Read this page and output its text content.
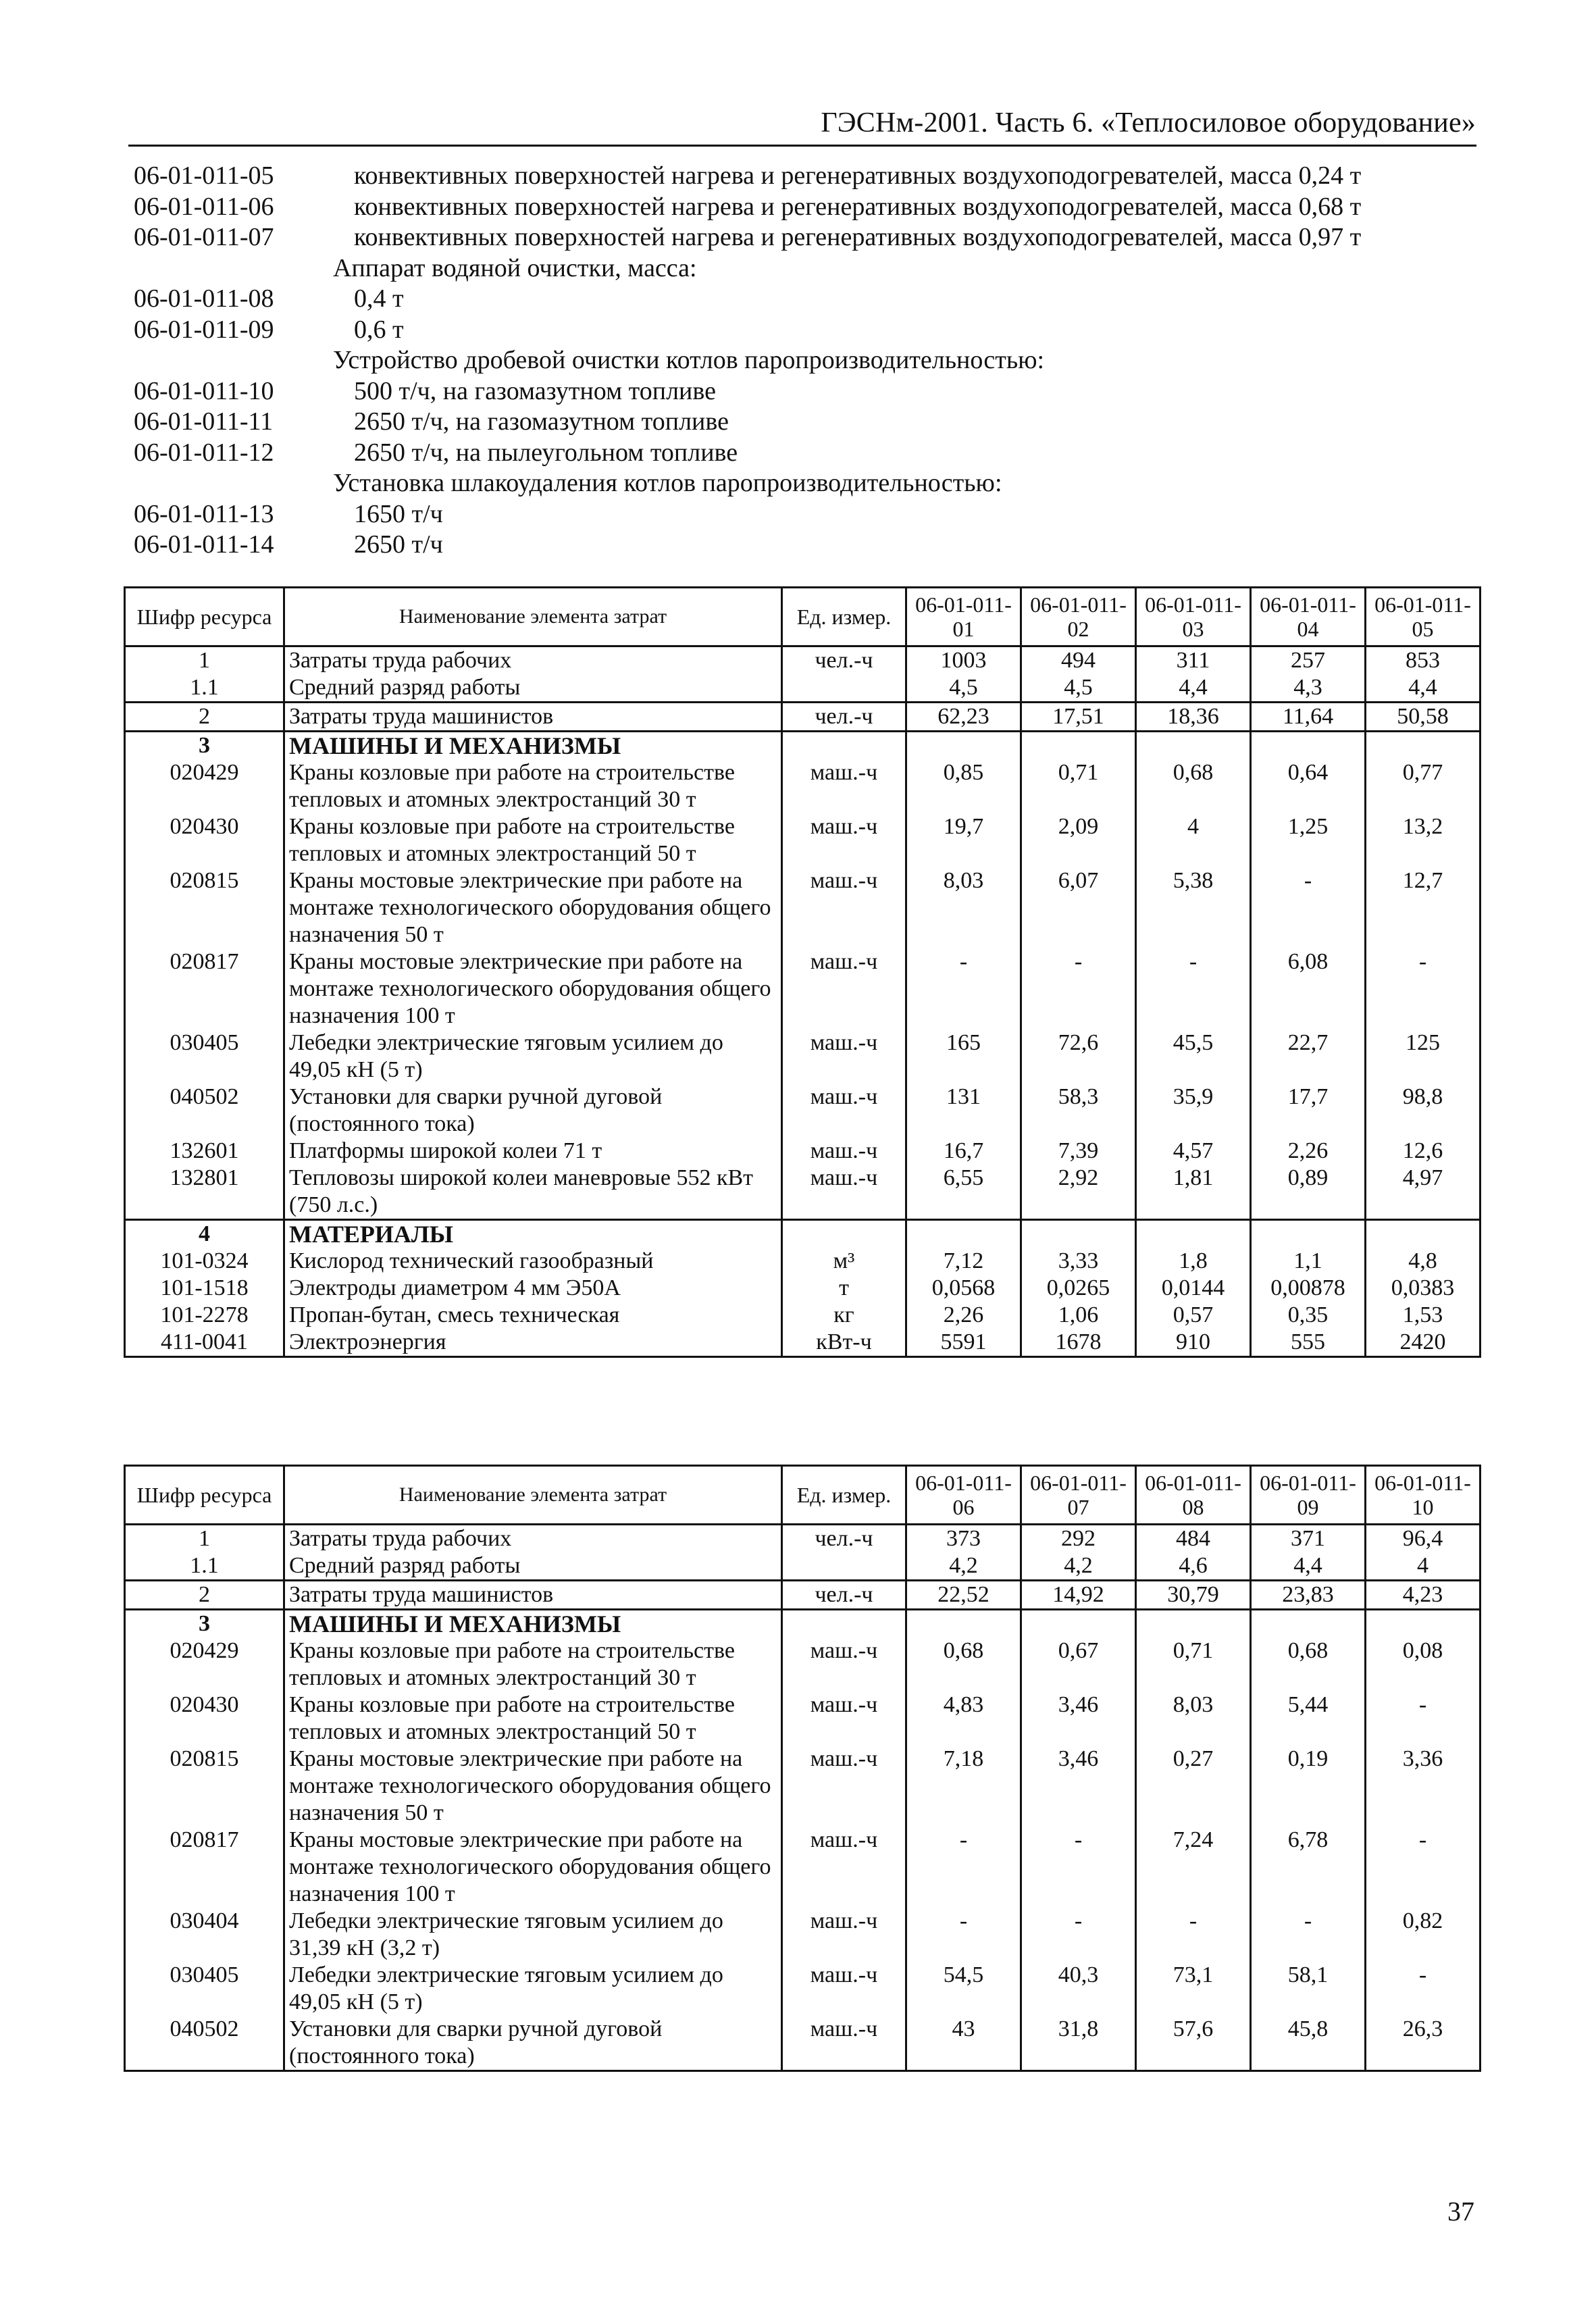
ГЭСНм-2001. Часть 6. «Теплосиловое оборудование»
06-01-011-05	конвективных поверхностей нагрева и регенеративных воздухоподогревателей, масса 0,24 т
06-01-011-06	конвективных поверхностей нагрева и регенеративных воздухоподогревателей, масса 0,68 т
06-01-011-07	конвективных поверхностей нагрева и регенеративных воздухоподогревателей, масса 0,97 т
Аппарат водяной очистки, масса:
06-01-011-08	0,4 т
06-01-011-09	0,6 т
Устройство дробевой очистки котлов паропроизводительностью:
06-01-011-10	500 т/ч, на газомазутном топливе
06-01-011-11	2650 т/ч, на газомазутном топливе
06-01-011-12	2650 т/ч, на пылеугольном топливе
Установка шлакоудаления котлов паропроизводительностью:
06-01-011-13	1650 т/ч
06-01-011-14	2650 т/ч
Шифр ресурса	Наименование элемента затрат	Ед. измер.	06-01-011-01	06-01-011-02	06-01-011-03	06-01-011-04	06-01-011-05
1	Затраты труда рабочих	чел.-ч	1003	494	311	257	853
1.1	Средний разряд работы		4,5	4,5	4,4	4,3	4,4
2	Затраты труда машинистов	чел.-ч	62,23	17,51	18,36	11,64	50,58
3	МАШИНЫ И МЕХАНИЗМЫ						
020429	Краны козловые при работе на строительстве тепловых и атомных электростанций 30 т	маш.-ч	0,85	0,71	0,68	0,64	0,77
020430	Краны козловые при работе на строительстве тепловых и атомных электростанций 50 т	маш.-ч	19,7	2,09	4	1,25	13,2
020815	Краны мостовые электрические при работе на монтаже технологического оборудования общего назначения 50 т	маш.-ч	8,03	6,07	5,38	-	12,7
020817	Краны мостовые электрические при работе на монтаже технологического оборудования общего назначения 100 т	маш.-ч	-	-	-	6,08	-
030405	Лебедки электрические тяговым усилием до 49,05 кН (5 т)	маш.-ч	165	72,6	45,5	22,7	125
040502	Установки для сварки ручной дуговой (постоянного тока)	маш.-ч	131	58,3	35,9	17,7	98,8
132601	Платформы широкой колеи 71 т	маш.-ч	16,7	7,39	4,57	2,26	12,6
132801	Тепловозы широкой колеи маневровые 552 кВт (750 л.с.)	маш.-ч	6,55	2,92	1,81	0,89	4,97
4	МАТЕРИАЛЫ						
101-0324	Кислород технический газообразный	м³	7,12	3,33	1,8	1,1	4,8
101-1518	Электроды диаметром 4 мм Э50А	т	0,0568	0,0265	0,0144	0,00878	0,0383
101-2278	Пропан-бутан, смесь техническая	кг	2,26	1,06	0,57	0,35	1,53
411-0041	Электроэнергия	кВт-ч	5591	1678	910	555	2420
Шифр ресурса	Наименование элемента затрат	Ед. измер.	06-01-011-06	06-01-011-07	06-01-011-08	06-01-011-09	06-01-011-10
1	Затраты труда рабочих	чел.-ч	373	292	484	371	96,4
1.1	Средний разряд работы		4,2	4,2	4,6	4,4	4
2	Затраты труда машинистов	чел.-ч	22,52	14,92	30,79	23,83	4,23
3	МАШИНЫ И МЕХАНИЗМЫ						
020429	Краны козловые при работе на строительстве тепловых и атомных электростанций 30 т	маш.-ч	0,68	0,67	0,71	0,68	0,08
020430	Краны козловые при работе на строительстве тепловых и атомных электростанций 50 т	маш.-ч	4,83	3,46	8,03	5,44	-
020815	Краны мостовые электрические при работе на монтаже технологического оборудования общего назначения 50 т	маш.-ч	7,18	3,46	0,27	0,19	3,36
020817	Краны мостовые электрические при работе на монтаже технологического оборудования общего назначения 100 т	маш.-ч	-	-	7,24	6,78	-
030404	Лебедки электрические тяговым усилием до 31,39 кН (3,2 т)	маш.-ч	-	-	-	-	0,82
030405	Лебедки электрические тяговым усилием до 49,05 кН (5 т)	маш.-ч	54,5	40,3	73,1	58,1	-
040502	Установки для сварки ручной дуговой (постоянного тока)	маш.-ч	43	31,8	57,6	45,8	26,3
37
